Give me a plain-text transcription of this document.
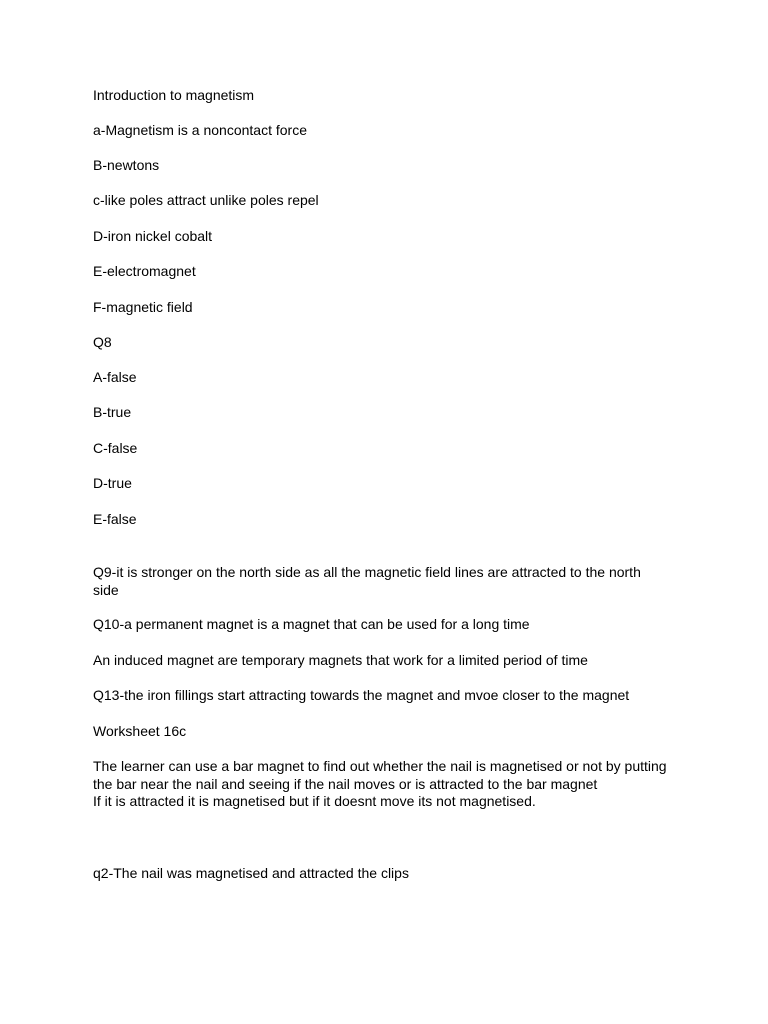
Introduction to magnetism

a-Magnetism is a noncontact force

B-newtons

c-like poles attract unlike poles repel

D-iron nickel cobalt

E-electromagnet

F-magnetic field

Q8

A-false

B-true

C-false

D-true

E-false

Q9-it is stronger on the north side as all the magnetic field lines are attracted to the north
side

Q10-a permanent magnet is a magnet that can be used for a long time

An induced magnet are temporary magnets that work for a limited period of time

Q13-the iron fillings start attracting towards the magnet and mvoe closer to the magnet

Worksheet 16c

The learner can use a bar magnet to find out whether the nail is magnetised or not by putting
the bar near the nail and seeing if the nail moves or is attracted to the bar magnet
If it is attracted it is magnetised but if it doesnt move its not magnetised.

q2-The nail was magnetised and attracted the clips
